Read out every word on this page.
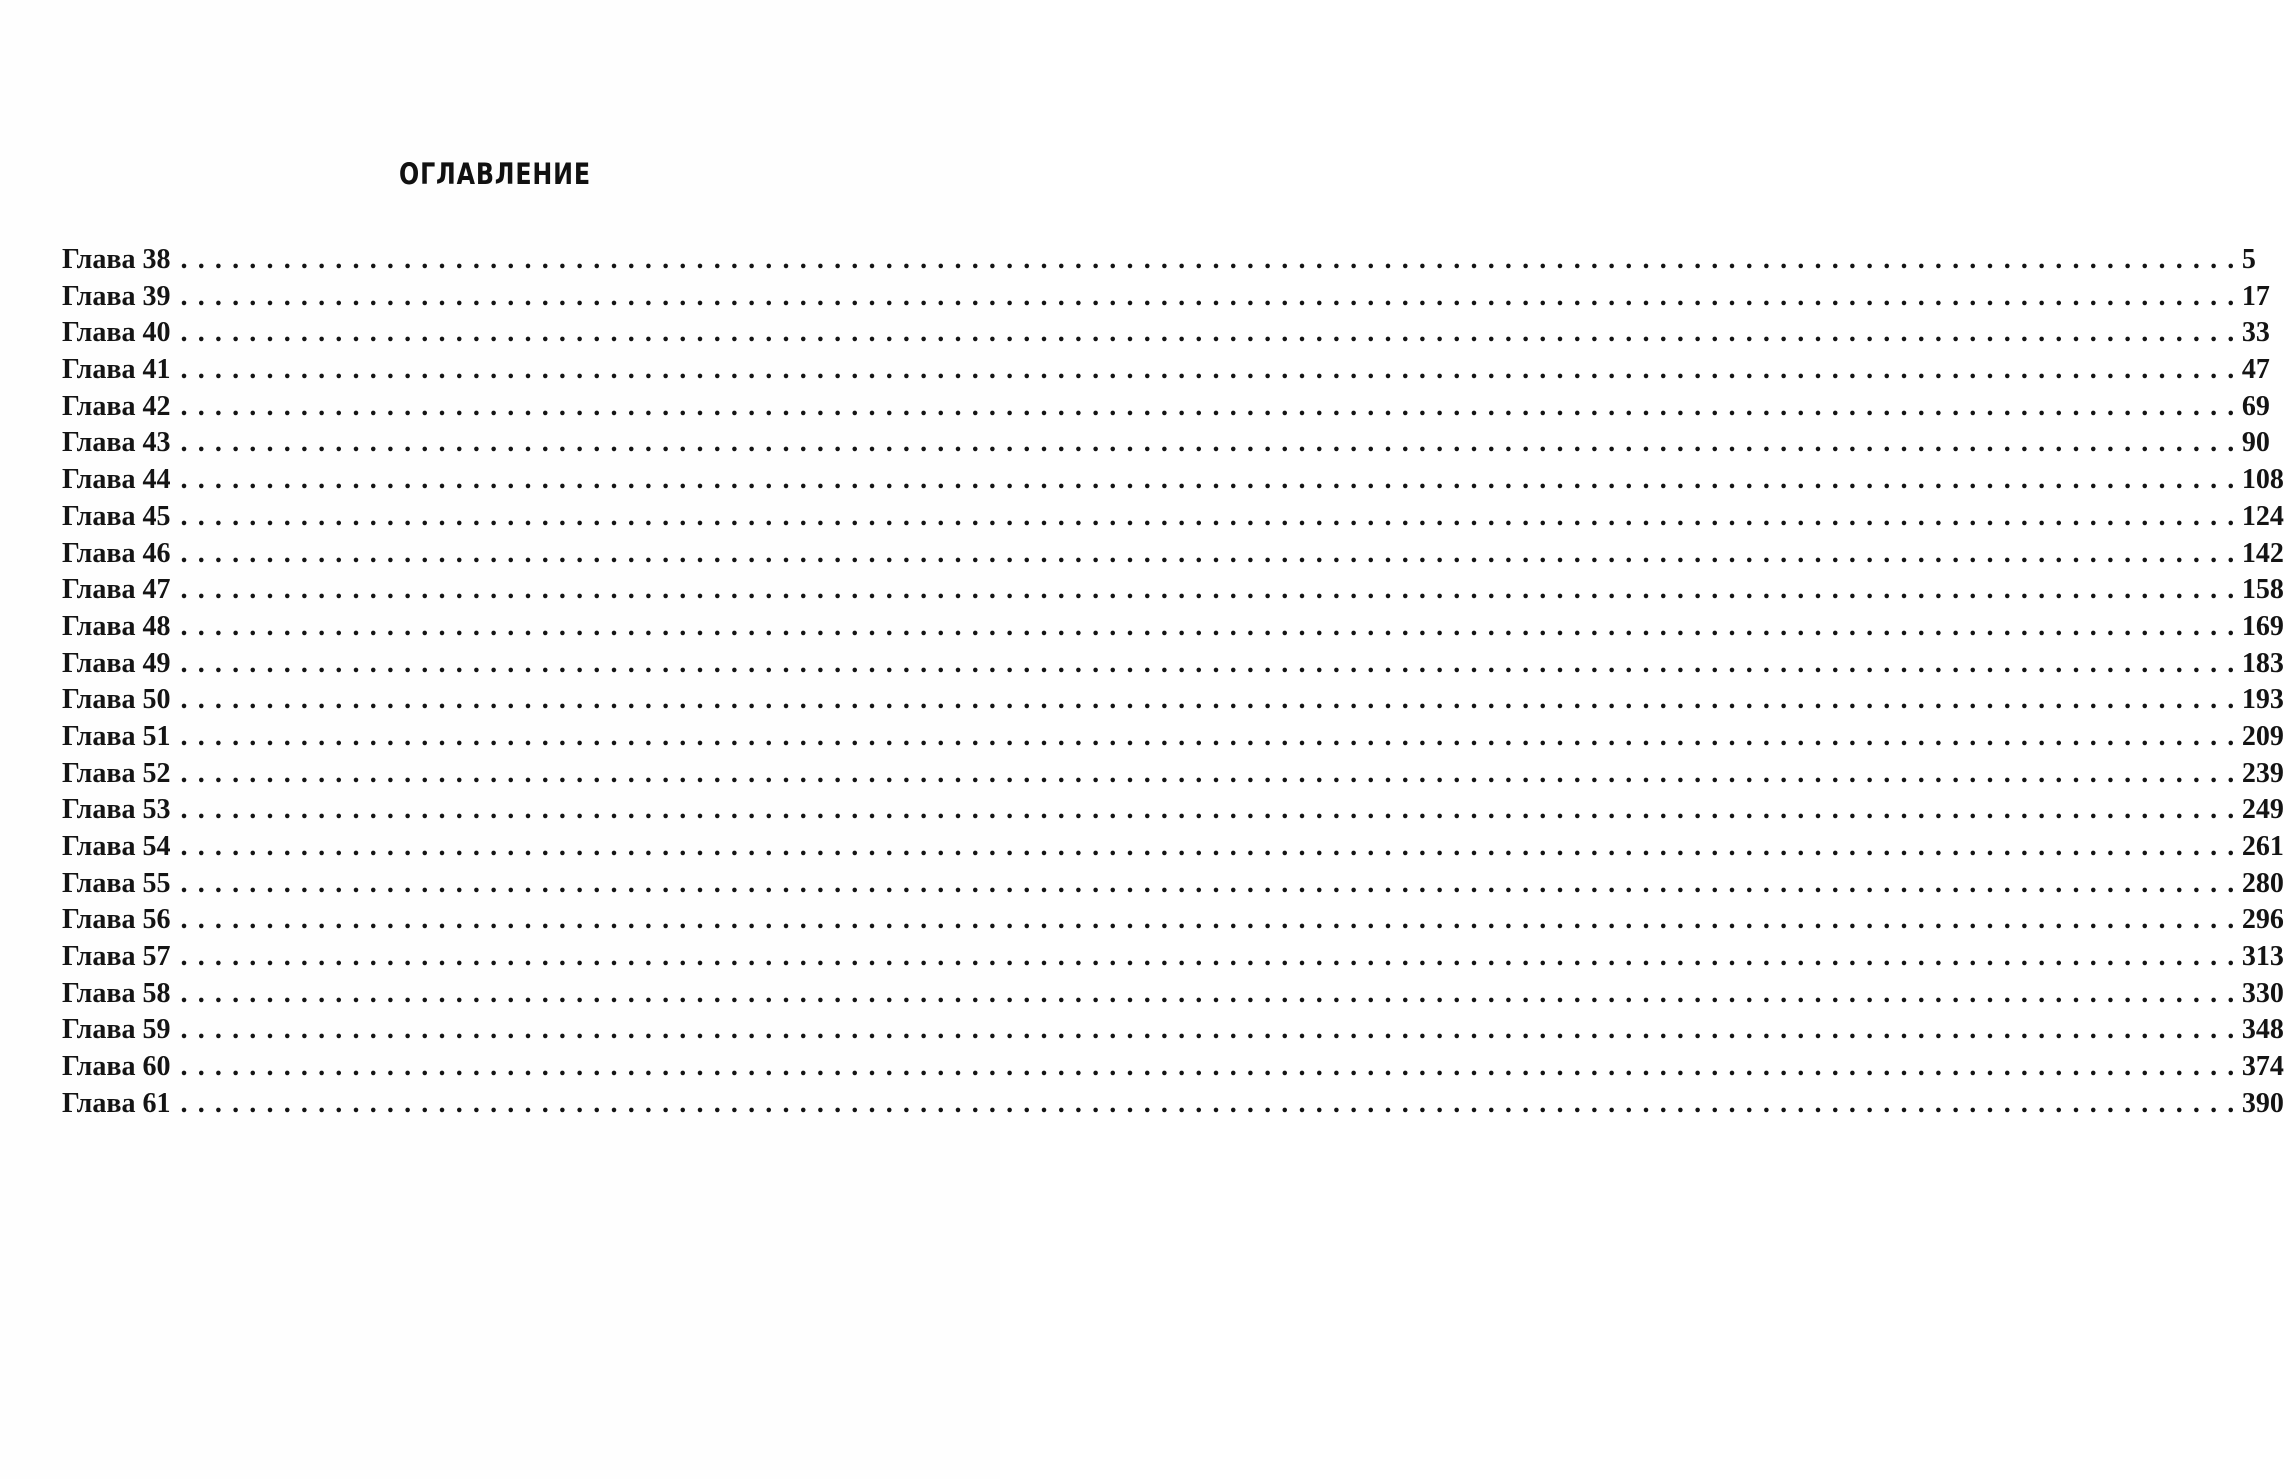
ОГЛАВЛЕНИЕ
Глава 38 . . . . . . . . . . . . . . . . . . . . . . . . . . . . . . . . . . . . . . . . . . . . . . . . . . . . . . . . . . . . . . . . . . . . . . . . . . . . . . . . . . . . . . . . . . . . . . . . . . . . . . . . . . . . . . . . . . . . . . . . 5
Глава 39 . . . . . . . . . . . . . . . . . . . . . . . . . . . . . . . . . . . . . . . . . . . . . . . . . . . . . . . . . . . . . . . . . . . . . . . . . . . . . . . . . . . . . . . . . . . . . . . . . . . . . . . . . . . . . . . . . . . . . . . . 17
Глава 40 . . . . . . . . . . . . . . . . . . . . . . . . . . . . . . . . . . . . . . . . . . . . . . . . . . . . . . . . . . . . . . . . . . . . . . . . . . . . . . . . . . . . . . . . . . . . . . . . . . . . . . . . . . . . . . . . . . . . . . . . 33
Глава 41 . . . . . . . . . . . . . . . . . . . . . . . . . . . . . . . . . . . . . . . . . . . . . . . . . . . . . . . . . . . . . . . . . . . . . . . . . . . . . . . . . . . . . . . . . . . . . . . . . . . . . . . . . . . . . . . . . . . . . . . . 47
Глава 42 . . . . . . . . . . . . . . . . . . . . . . . . . . . . . . . . . . . . . . . . . . . . . . . . . . . . . . . . . . . . . . . . . . . . . . . . . . . . . . . . . . . . . . . . . . . . . . . . . . . . . . . . . . . . . . . . . . . . . . . . 69
Глава 43 . . . . . . . . . . . . . . . . . . . . . . . . . . . . . . . . . . . . . . . . . . . . . . . . . . . . . . . . . . . . . . . . . . . . . . . . . . . . . . . . . . . . . . . . . . . . . . . . . . . . . . . . . . . . . . . . . . . . . . . . 90
Глава 44 . . . . . . . . . . . . . . . . . . . . . . . . . . . . . . . . . . . . . . . . . . . . . . . . . . . . . . . . . . . . . . . . . . . . . . . . . . . . . . . . . . . . . . . . . . . . . . . . . . . . . . . . . . . . . . . . . . . . . . . . 108
Глава 45 . . . . . . . . . . . . . . . . . . . . . . . . . . . . . . . . . . . . . . . . . . . . . . . . . . . . . . . . . . . . . . . . . . . . . . . . . . . . . . . . . . . . . . . . . . . . . . . . . . . . . . . . . . . . . . . . . . . . . . . . 124
Глава 46 . . . . . . . . . . . . . . . . . . . . . . . . . . . . . . . . . . . . . . . . . . . . . . . . . . . . . . . . . . . . . . . . . . . . . . . . . . . . . . . . . . . . . . . . . . . . . . . . . . . . . . . . . . . . . . . . . . . . . . . . 142
Глава 47 . . . . . . . . . . . . . . . . . . . . . . . . . . . . . . . . . . . . . . . . . . . . . . . . . . . . . . . . . . . . . . . . . . . . . . . . . . . . . . . . . . . . . . . . . . . . . . . . . . . . . . . . . . . . . . . . . . . . . . . . 158
Глава 48 . . . . . . . . . . . . . . . . . . . . . . . . . . . . . . . . . . . . . . . . . . . . . . . . . . . . . . . . . . . . . . . . . . . . . . . . . . . . . . . . . . . . . . . . . . . . . . . . . . . . . . . . . . . . . . . . . . . . . . . . 169
Глава 49 . . . . . . . . . . . . . . . . . . . . . . . . . . . . . . . . . . . . . . . . . . . . . . . . . . . . . . . . . . . . . . . . . . . . . . . . . . . . . . . . . . . . . . . . . . . . . . . . . . . . . . . . . . . . . . . . . . . . . . . . 183
Глава 50 . . . . . . . . . . . . . . . . . . . . . . . . . . . . . . . . . . . . . . . . . . . . . . . . . . . . . . . . . . . . . . . . . . . . . . . . . . . . . . . . . . . . . . . . . . . . . . . . . . . . . . . . . . . . . . . . . . . . . . . . 193
Глава 51 . . . . . . . . . . . . . . . . . . . . . . . . . . . . . . . . . . . . . . . . . . . . . . . . . . . . . . . . . . . . . . . . . . . . . . . . . . . . . . . . . . . . . . . . . . . . . . . . . . . . . . . . . . . . . . . . . . . . . . . . 209
Глава 52 . . . . . . . . . . . . . . . . . . . . . . . . . . . . . . . . . . . . . . . . . . . . . . . . . . . . . . . . . . . . . . . . . . . . . . . . . . . . . . . . . . . . . . . . . . . . . . . . . . . . . . . . . . . . . . . . . . . . . . . . 239
Глава 53 . . . . . . . . . . . . . . . . . . . . . . . . . . . . . . . . . . . . . . . . . . . . . . . . . . . . . . . . . . . . . . . . . . . . . . . . . . . . . . . . . . . . . . . . . . . . . . . . . . . . . . . . . . . . . . . . . . . . . . . . 249
Глава 54 . . . . . . . . . . . . . . . . . . . . . . . . . . . . . . . . . . . . . . . . . . . . . . . . . . . . . . . . . . . . . . . . . . . . . . . . . . . . . . . . . . . . . . . . . . . . . . . . . . . . . . . . . . . . . . . . . . . . . . . . 261
Глава 55 . . . . . . . . . . . . . . . . . . . . . . . . . . . . . . . . . . . . . . . . . . . . . . . . . . . . . . . . . . . . . . . . . . . . . . . . . . . . . . . . . . . . . . . . . . . . . . . . . . . . . . . . . . . . . . . . . . . . . . . . 280
Глава 56 . . . . . . . . . . . . . . . . . . . . . . . . . . . . . . . . . . . . . . . . . . . . . . . . . . . . . . . . . . . . . . . . . . . . . . . . . . . . . . . . . . . . . . . . . . . . . . . . . . . . . . . . . . . . . . . . . . . . . . . . 296
Глава 57 . . . . . . . . . . . . . . . . . . . . . . . . . . . . . . . . . . . . . . . . . . . . . . . . . . . . . . . . . . . . . . . . . . . . . . . . . . . . . . . . . . . . . . . . . . . . . . . . . . . . . . . . . . . . . . . . . . . . . . . . 313
Глава 58 . . . . . . . . . . . . . . . . . . . . . . . . . . . . . . . . . . . . . . . . . . . . . . . . . . . . . . . . . . . . . . . . . . . . . . . . . . . . . . . . . . . . . . . . . . . . . . . . . . . . . . . . . . . . . . . . . . . . . . . . 330
Глава 59 . . . . . . . . . . . . . . . . . . . . . . . . . . . . . . . . . . . . . . . . . . . . . . . . . . . . . . . . . . . . . . . . . . . . . . . . . . . . . . . . . . . . . . . . . . . . . . . . . . . . . . . . . . . . . . . . . . . . . . . . 348
Глава 60 . . . . . . . . . . . . . . . . . . . . . . . . . . . . . . . . . . . . . . . . . . . . . . . . . . . . . . . . . . . . . . . . . . . . . . . . . . . . . . . . . . . . . . . . . . . . . . . . . . . . . . . . . . . . . . . . . . . . . . . . 374
Глава 61 . . . . . . . . . . . . . . . . . . . . . . . . . . . . . . . . . . . . . . . . . . . . . . . . . . . . . . . . . . . . . . . . . . . . . . . . . . . . . . . . . . . . . . . . . . . . . . . . . . . . . . . . . . . . . . . . . . . . . . . . 390
